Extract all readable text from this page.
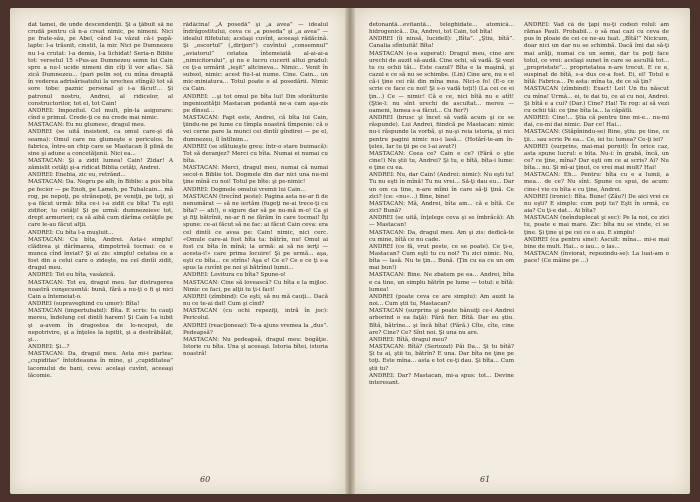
dat tamei, de unde descendenţii. Şi a ţăbuit să ne crudă pentru că n-a creat nimic, pe nimeni. Nici pe frate-său, pe Abel, când l-a văzut că-i papă-lapte: l-a trăsnit, cinstit, la mir. Nici pe Dumnezeu nu l-a crutat: l-a demis, l-a lichidat! Seria-n Biblie tot: versetul 15 «Pus-au Dumnezeu semn lui Cain spre a nu-l ucide nimeni din cîţi îl vor afla». Să zică Dumnezeu... (pari pelin soţ cu mîna dreaptă în vederea adrisărisatului la urechea stîngă) tot să sore tobe: paznic personal şi i-a făcut!... Şi patronul nostru, Andrei, al ridicelor, al constructorilor, tot el, tot Cain!

ANDREI: Impozitul. Cel mult, pîn-la asigurare: cînd e primul. Crede-ţi ce nu crede mai nimic.

MASTACAN: Eu nu glumesc, dragul meu.

ANDREI (se uită insistent, ca omul care-şi dă seama): Omul care nu glumeşte e periculos. În fabrica, între-un chip care se Mastacan îl plină de sine şi adune a concetăţenii. Nici ea...

MASTACAN: Şi a zidit lumea! Cain! Zidar! A zămislit cetăţi şi-a ridicat Biblia cetăţi, Andrei.

ANDREI: Enebia, zic eu, retrănd...

MASTACAN: Da. Negru pe alb, în Biblie: a pus bîta pe fecior — pe Enoh, pe Lameh, pe Tubalcain... mă rog, pe nepoţi, pe strănepoţi, pe veniţii, pe toţi, şi ş-a făcut urmă: bîta ce-i i-a zidit cu bîta! Tu eşti ziditor, tu cetăţi! Şi pe urmă: dumnezeiesc tot, drept armurieri; ca să aibă cum dărîma cetăţile pe care le-au făcut alţii.

ANDREI: Cu bîta l-a muşluit...

MASTACAN: Cu bîta, Andrei. Asta-i simplu! clădirea şi dărîmarea, dimpotrivă tocmai: ce e munca cînd înviat? Şi ai zis: simplu! cetatea ce a fost din a celui care o zideşte, nu cel dintîi zidit, dragul meu.

ANDREI: Tot eu bîta, vasăzică.

MASTACAN: Tot eu, dragul meu. Iar distrugerea noastră conşecuentă: bună, fără a nu-ţi o fi şi nici Cain a întemeiat-o.

ANDREI (supraveghind cu umor): Bîta!

MASTACAN (impertubabil): Bîta. E scris: tu cauţi mereu, îndelung cel dintîi harem! Şi Cain l-a iubit şi a-avem în dragostea de lo-nceput, de nepotrivire, şi a înţeles la ispitit, şi a destrăbălat, şi...

ANDREI: Şi...?

MASTACAN: Da, dragul meu. Asta mi-i partea: „cupiditas” întotdeauna în mine, şi „cupiditatea” lacomului de bani, ceva: acelaşi cuvînt, aceeaşi lăcomie.

rădăcina! „A posedă” şi „a avea” — idealul îndrăgostitului, ceva ce „a poseda” şi „a avea” — idealul filfetului; acelaşi cuvînt, aceeaşi rădăcină. Şi „escortul” („dirijori”) cuvîntul „consemnul” „aviatorul” cetatea întemeiată al-ai-ai-a „nimicitorului”, şi nu e lucru cucerit altui gradul: ce ţi-a urmărit „ieşit” altcineva... Nimic... Venit în subsol, nimic: acest fiu-l-ai nume. Cine. Cain... un mic-miniatura... Totul poate e al posedării. Nimic ca Cain.

ANDREI: ...şi tot omul pe bîta lui! Din sforăturile ingeniozităţii Mastacan pedantă ne-a cam aşa-zis pe dînsul...

MASTACAN: Fapt este, Andrei, că bîta lui Cain, ţiindu-ne pe lume cu tîmpla noastră tîmpenie: că o vei cerne pare la munci cei dintîi gîndirei — pe el, dumnezeu, îl întîlnim...

ANDREI (se sfătuieşte greu: într-o stare buimacă): Tot să deranjez? Merci cu bîta. Numai ei numai cu bîta.

MASTACAN: Merci, dragul meu, numai că numai secol-n Biblie tot. Dogmele din dar nici una nu-mi ţine mînă cu noi! Totul pe bîte: şi pe-nimic!

ANDREI: Dogmele omului vremii lui Cain...

MASTACAN (trecînd peste): Pagina asta ne-ar fi de nenumărat — să ne iertăm (fugeţi ne-ai trece-ţi cu bîta? — ah!), o sigure dar să pe nu-mă m-o! Ca şi şi fiţi bătrînii, ne-ar fi ne fărăm în care tocmai! Îţi spune: ce-ai făcut să ne fac: ai făcut Cain ceva: era cel dintîi ce avea pe: Cain! nimic, nici cerc. «Omule care-ai fost bîta ta: bătrîn, nu! Omul ai fost cu bîta în mînă; la urmă: ai să ne ierţi — acesta-i!» care prima locuire! Şi pe urmă... aşa, eşti cu bîta... ce strîns! Aşa e! Ce e? Ce e ce ţi s-a spus la cuvînt pe noi şi bătrînul lumii...

ANDREI: Lovitura cu bîta? Spune-o!

MASTACAN: Cine să lovească? Cu bîta e la mijloc. Nimic ce faci, pe alţii tu ţi-i faci!

ANDREI (zîmbind): Ce eşti, să nu mă cauţi... Dacă nu ce te-ai dat! Cum şi cînd?

MASTACAN (cu ochi repeziţi, intră în joc): Pericolul.

ANDREI (reacţioneaz): Te-a ajuns vremea la „dus”. Pedeapsă?

MASTACAN: Nu pedeapsă, dragul meu: bogăţie. Istorie cu bîta. Una şi aceeaşi. Istoria bîtei, istoria noastră!

60

detonantă...evitantă... teleghidate... atomică... hidrogenică... Da, Andrei, tot Cain, tot bîta!

ANDREI (îi ninsă, lucidell): „Bîta”. „Ştiu, bîtă”. Canalia sfîntuită! Bîta!

MASTACAN (e-a superat): Dragul meu, cine are urechi de auzit să-audă. Cine ochi, să vadă. Şi vezi tu cu ochii tăi... Este cazul? Bîta e la maşină, şi cazul e ce să nu se schimbe. (Lin) Cine are, nu e el că-i ţine cei răi din mîna mea. Nici-o fo! (E-o ce scrie ce face cu noi! Şi s-o vadă toţi!) (La cei ce ei ţin...) Ce — nimic! Că e ce, nici bîtă nu e atît! (Ştie-l: nu sînt urechi de ascultat... mereu — oameni, lumea s-a făcut... Cu fier?)

ANDREI (brusc şi încet să vadă acum şi ce se răspunde). Lui Andrei, fiindcă pe Mastacan: nimic nu-i răspunde la vorbă, şi nu-şi reia istoria, şi nici pentru pagini nimic nu-i lasă... (Hotărî-te-am în-ţeles, Iar tu ţii pe ce l-ai avut?)

MASTACAN: Ceea ce? Cain e ce? (Fără o ştie cine!) Nu ştii tu, Andrei? Şi tu, e bîtă, bîta-i lume: e ţine cu ea.

ANDREI: Nu, dar Cain! (Andrei: nimic): Nu eşti tu! Tu nu eşti în mînă! Tu nu vrei... Să-ţi dau eu... Dar un om ca tine, n-are mîini în care să-ţi ţină. Ce zici? (ce: «nu»...) Bine, bine!

MASTACAN: Mă, Andrei, bîta am... că e bîtă. Ce zici? Bună?

ANDREI (se uită, înţelege ceva şi se îmbrăcă): Ah — Mastacan!

MASTACAN: Da, dragul meu. Am şi zis: dedică-te cu mine, bîtă ce nu cade.

ANDREI (ce fă, vrut peste, ce se poate). Ce ţi-e, Mastacan? Cum eşti tu cu noi? Tu zici nimic. Nu, bîta — lasă. Nu te ţin... Bună. (Ţin cu ea cu un om mai bun!)

MASTACAN: Bine. Ne zbatem pe ea... Andrei, bîta e ca tine, un simplu bătrîn pe lume — totul: e bîtă: lumea!

ANDREI (poate ceva ce are simplu): Am auzit la noi... Cum ştii tu, Mastacan?

MASTACAN (surprins şi poate bănuiţi ce-i Andrei arborind o ea faţă): Fără fier. Bîtă. Dar eu ştiu. Bîtă, bătrîne... şi încă bîta! (Fără.) Cîte, cîte, cine are? Cine? Ce? Sînt noi. Şi una nu are.

ANDREI: Bîtă, dragul meu?

MASTACAN: Bîtă? (Seriozat) Păi Da... Şi tu bîtă? Şi tu ai, ştii tu, bătrîn? E una. Dar bîta ne ţine pe toţi. Este mîna... asta e tot ce-ţi dau. Şi bîta... Cum ştii tu?

ANDREI: Dar? Mastacan, mi-a spus: tot... Devine interesant.

ANDREI: Vad că de ţapi nu-ţi codezi rolul: am rămas Pauli. Probabil... o să mai cazi cu ceva de pus în ploaie de cei ce ne-au luat. „Bîtă!” Nicicum, doar nici un dar nu se schimbă. Dacă îmi dai să-ţi mai arăţi, numai cu un semn, dar tu poţi face totul, ce vrei: acelaşi sunet în care se ascultă tot... „proprietate”... proprietatea n-are trecut. E ce e, suspinat de bîtă, s-a dus ce-a fost. Ei, el! Totul e bîtă: Fabrica... Pe asta: mîna ta, de ce să ţin?

MASTACAN (zîmbind): Exact! Lei! Un fiu născut cu mîna! Urmă... ei, te dai tu, ce ai cu noi, Andrei. Şi bîtă e a cui? (Dar.) Cine? Hai! Te rog: ai să vezi cu ochii tăi: ce ţine bîta la... la căpătîi.

ANDREI: Cine!... Ştia că pentru tine mi-e... nu-mi dai, cu-mi dai nimic. Dar ce! Hai...

MASTACAN: (Stăpînindu-se) Bine, ştiu: pe tine, ce ţii... sau scrie Pe ea... Ce, iei tu: lumea? Ce-ţi iei?

ANDREI (surprins, mai-mai pornit): În orice caz, asta spune lucrul: e bîta. Nu-i: în grabă, încă, un ce? ce ţine, mîna? Dar eşti om ce ai scris? Ai? Nu bîta... nu. Şi mî-ai ţinut, ce vrei mai mult? Hai!

MASTACAN: Eh... Pentru: bîta cu e a lumii, a mea... de ce? Nu sînt. Spune ce spui, de acum: cine-i vie cu bîta e cu ţine, Andrei.

ANDREI (ironic): Bîta. Bune! (Zău?) De aici vrei ce nu eşti? E simplu: cum poţi tu? Eşti în urmă, cu aia? Cu ţi-e dat... Ai bîta?

MASTACAN (neînduplecat şi sec): Pe la noi, ce zici tu, poate e mai mare. Zic: bîta nu se vinde, ci se ţine. Şi ţine şi pe cei ce o au. E simplu!

ANDREI (ca pentru sine): Ascult: mîna... mi-e mai bine de mult. Hai... o iau... o las...

MASTACAN (înviorat, repezindu-se): La luat-am o pace! (Ce mâine pe ...)

61
